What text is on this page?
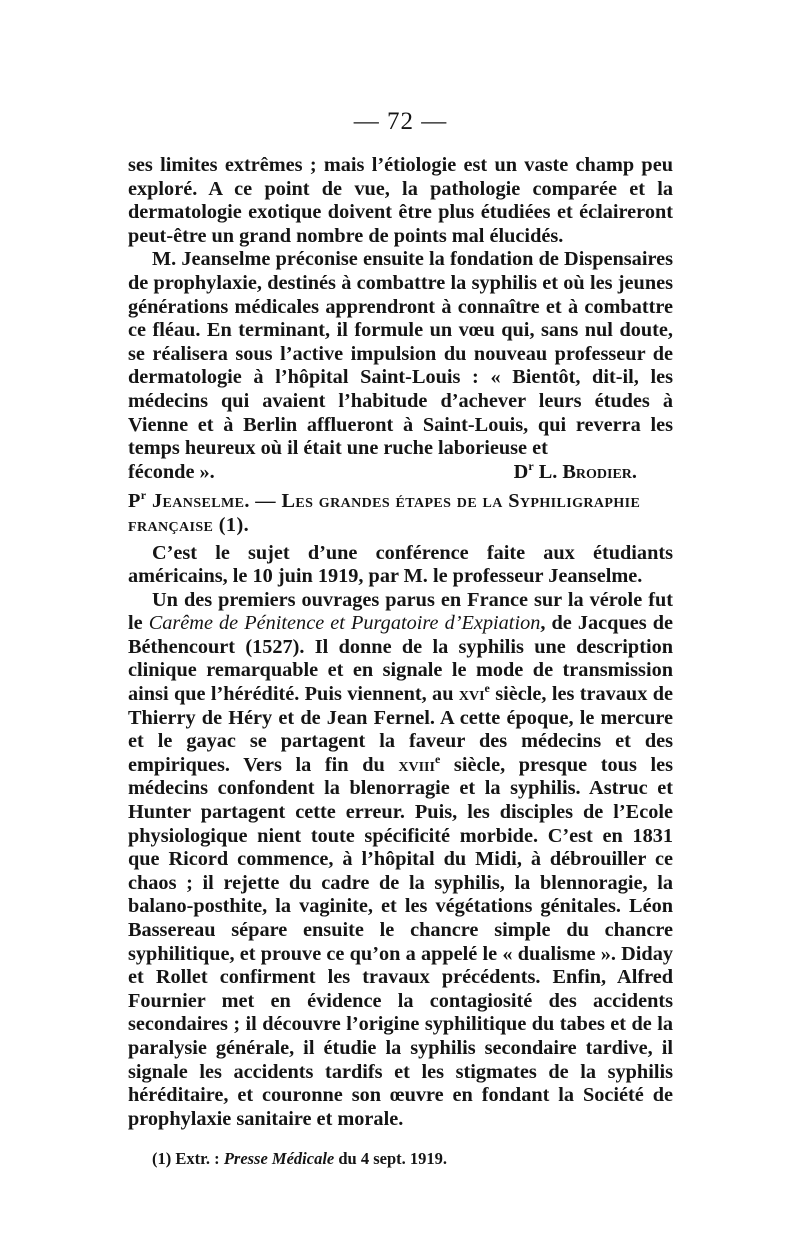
— 72 —

ses limites extrêmes ; mais l’étiologie est un vaste champ peu exploré. A ce point de vue, la pathologie comparée et la dermatologie exotique doivent être plus étudiées et éclaireront peut-être un grand nombre de points mal élucidés.

M. Jeanselme préconise ensuite la fondation de Dispensaires de prophylaxie, destinés à combattre la syphilis et où les jeunes générations médicales apprendront à connaître et à combattre ce fléau. En terminant, il formule un vœu qui, sans nul doute, se réalisera sous l’active impulsion du nouveau professeur de dermatologie à l’hôpital Saint-Louis : « Bientôt, dit-il, les médecins qui avaient l’habitude d’achever leurs études à Vienne et à Berlin afflueront à Saint-Louis, qui reverra les temps heureux où il était une ruche laborieuse et

féconde ».	$D^r$ L. Brodier.

$P^r$ Jeanselme. — Les grandes étapes de la Syphiligraphie française (1).

C’est le sujet d’une conférence faite aux étudiants américains, le 10 juin 1919, par M. le professeur Jeanselme.

Un des premiers ouvrages parus en France sur la vérole fut le Carême de Pénitence et Purgatoire d’Expiation, de Jacques de Béthencourt (1527). Il donne de la syphilis une description clinique remarquable et en signale le mode de transmission ainsi que l’hérédité. Puis viennent, au xvi$^e$ siècle, les travaux de Thierry de Héry et de Jean Fernel. A cette époque, le mercure et le gayac se partagent la faveur des médecins et des empiriques. Vers la fin du xviii$^e$ siècle, presque tous les médecins confondent la blenorragie et la syphilis. Astruc et Hunter partagent cette erreur. Puis, les disciples de l’Ecole physiologique nient toute spécificité morbide. C’est en 1831 que Ricord commence, à l’hôpital du Midi, à débrouiller ce chaos ; il rejette du cadre de la syphilis, la blennoragie, la balano-posthite, la vaginite, et les végétations génitales. Léon Bassereau sépare ensuite le chancre simple du chancre syphilitique, et prouve ce qu’on a appelé le « dualisme ». Diday et Rollet confirment les travaux précédents. Enfin, Alfred Fournier met en évidence la contagiosité des accidents secondaires ; il découvre l’origine syphilitique du tabes et de la paralysie générale, il étudie la syphilis secondaire tardive, il signale les accidents tardifs et les stigmates de la syphilis héréditaire, et couronne son œuvre en fondant la Société de prophylaxie sanitaire et morale.

(1) Extr. : Presse Médicale du 4 sept. 1919.
